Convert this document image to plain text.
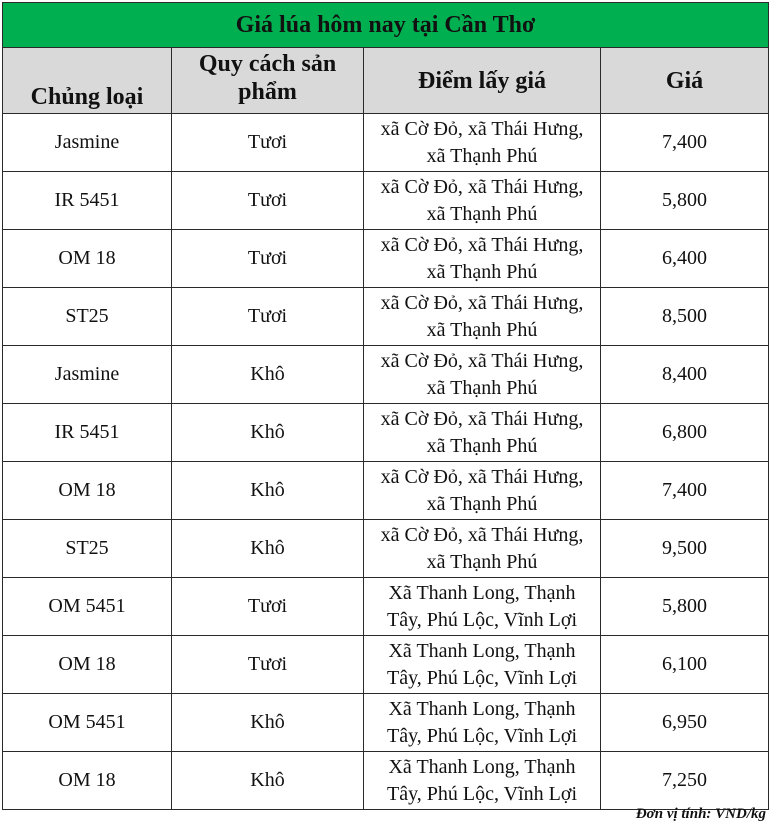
Giá lúa hôm nay tại Cần Thơ			
Chủng loại	Quy cách sản phẩm	Điểm lấy giá	Giá
Jasmine	Tươi	xã Cờ Đỏ, xã Thái Hưng, xã Thạnh Phú	7,400
IR 5451	Tươi	xã Cờ Đỏ, xã Thái Hưng, xã Thạnh Phú	5,800
OM 18	Tươi	xã Cờ Đỏ, xã Thái Hưng, xã Thạnh Phú	6,400
ST25	Tươi	xã Cờ Đỏ, xã Thái Hưng, xã Thạnh Phú	8,500
Jasmine	Khô	xã Cờ Đỏ, xã Thái Hưng, xã Thạnh Phú	8,400
IR 5451	Khô	xã Cờ Đỏ, xã Thái Hưng, xã Thạnh Phú	6,800
OM 18	Khô	xã Cờ Đỏ, xã Thái Hưng, xã Thạnh Phú	7,400
ST25	Khô	xã Cờ Đỏ, xã Thái Hưng, xã Thạnh Phú	9,500
OM 5451	Tươi	Xã Thanh Long, Thạnh Tây, Phú Lộc, Vĩnh Lợi	5,800
OM 18	Tươi	Xã Thanh Long, Thạnh Tây, Phú Lộc, Vĩnh Lợi	6,100
OM 5451	Khô	Xã Thanh Long, Thạnh Tây, Phú Lộc, Vĩnh Lợi	6,950
OM 18	Khô	Xã Thanh Long, Thạnh Tây, Phú Lộc, Vĩnh Lợi	7,250
Đơn vị tính: VND/kg
